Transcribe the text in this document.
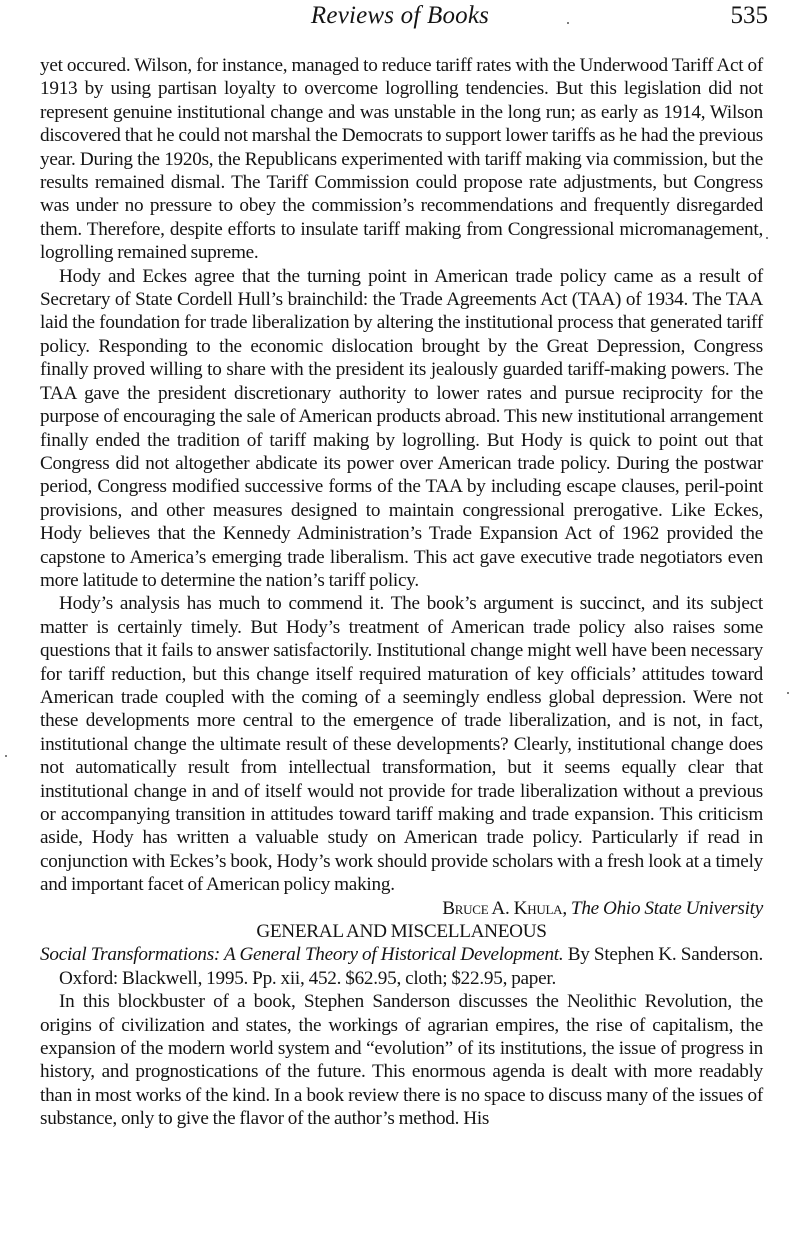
Reviews of Books	535

yet occured. Wilson, for instance, managed to reduce tariff rates with the Underwood Tariff Act of 1913 by using partisan loyalty to overcome logrolling tendencies. But this legislation did not represent genuine institutional change and was unstable in the long run; as early as 1914, Wilson discovered that he could not marshal the Democrats to support lower tariffs as he had the previous year. During the 1920s, the Republicans experimented with tariff making via commission, but the results remained dismal. The Tariff Commission could propose rate adjustments, but Congress was under no pressure to obey the commission’s recommendations and frequently disregarded them. Therefore, despite efforts to insulate tariff making from Congressional micromanagement, logrolling remained supreme.

Hody and Eckes agree that the turning point in American trade policy came as a result of Secretary of State Cordell Hull’s brainchild: the Trade Agreements Act (TAA) of 1934. The TAA laid the foundation for trade liberalization by altering the institutional process that generated tariff policy. Responding to the economic dislocation brought by the Great Depression, Congress finally proved willing to share with the president its jealously guarded tariff-making powers. The TAA gave the president discretionary authority to lower rates and pursue reciprocity for the purpose of encouraging the sale of American products abroad. This new institutional arrangement finally ended the tradition of tariff making by logrolling. But Hody is quick to point out that Congress did not altogether abdicate its power over American trade policy. During the postwar period, Congress modified successive forms of the TAA by including escape clauses, peril-point provisions, and other measures designed to maintain congressional prerogative. Like Eckes, Hody believes that the Kennedy Administration’s Trade Expansion Act of 1962 provided the capstone to America’s emerging trade liberalism. This act gave executive trade negotiators even more latitude to determine the nation’s tariff policy.

Hody’s analysis has much to commend it. The book’s argument is succinct, and its subject matter is certainly timely. But Hody’s treatment of American trade policy also raises some questions that it fails to answer satisfactorily. Institutional change might well have been necessary for tariff reduction, but this change itself required maturation of key officials’ attitudes toward American trade coupled with the coming of a seemingly endless global depression. Were not these developments more central to the emergence of trade liberalization, and is not, in fact, institutional change the ultimate result of these developments? Clearly, institutional change does not automatically result from intellectual transformation, but it seems equally clear that institutional change in and of itself would not provide for trade liberalization without a previous or accompanying transition in attitudes toward tariff making and trade expansion. This criticism aside, Hody has written a valuable study on American trade policy. Particularly if read in conjunction with Eckes’s book, Hody’s work should provide scholars with a fresh look at a timely and important facet of American policy making.

Bruce A. Khula, The Ohio State University

GENERAL AND MISCELLANEOUS

Social Transformations: A General Theory of Historical Development. By Stephen K. Sanderson. Oxford: Blackwell, 1995. Pp. xii, 452. $62.95, cloth; $22.95, paper.

In this blockbuster of a book, Stephen Sanderson discusses the Neolithic Revolution, the origins of civilization and states, the workings of agrarian empires, the rise of capitalism, the expansion of the modern world system and “evolution” of its institutions, the issue of progress in history, and prognostications of the future. This enormous agenda is dealt with more readably than in most works of the kind. In a book review there is no space to discuss many of the issues of substance, only to give the flavor of the author’s method. His
